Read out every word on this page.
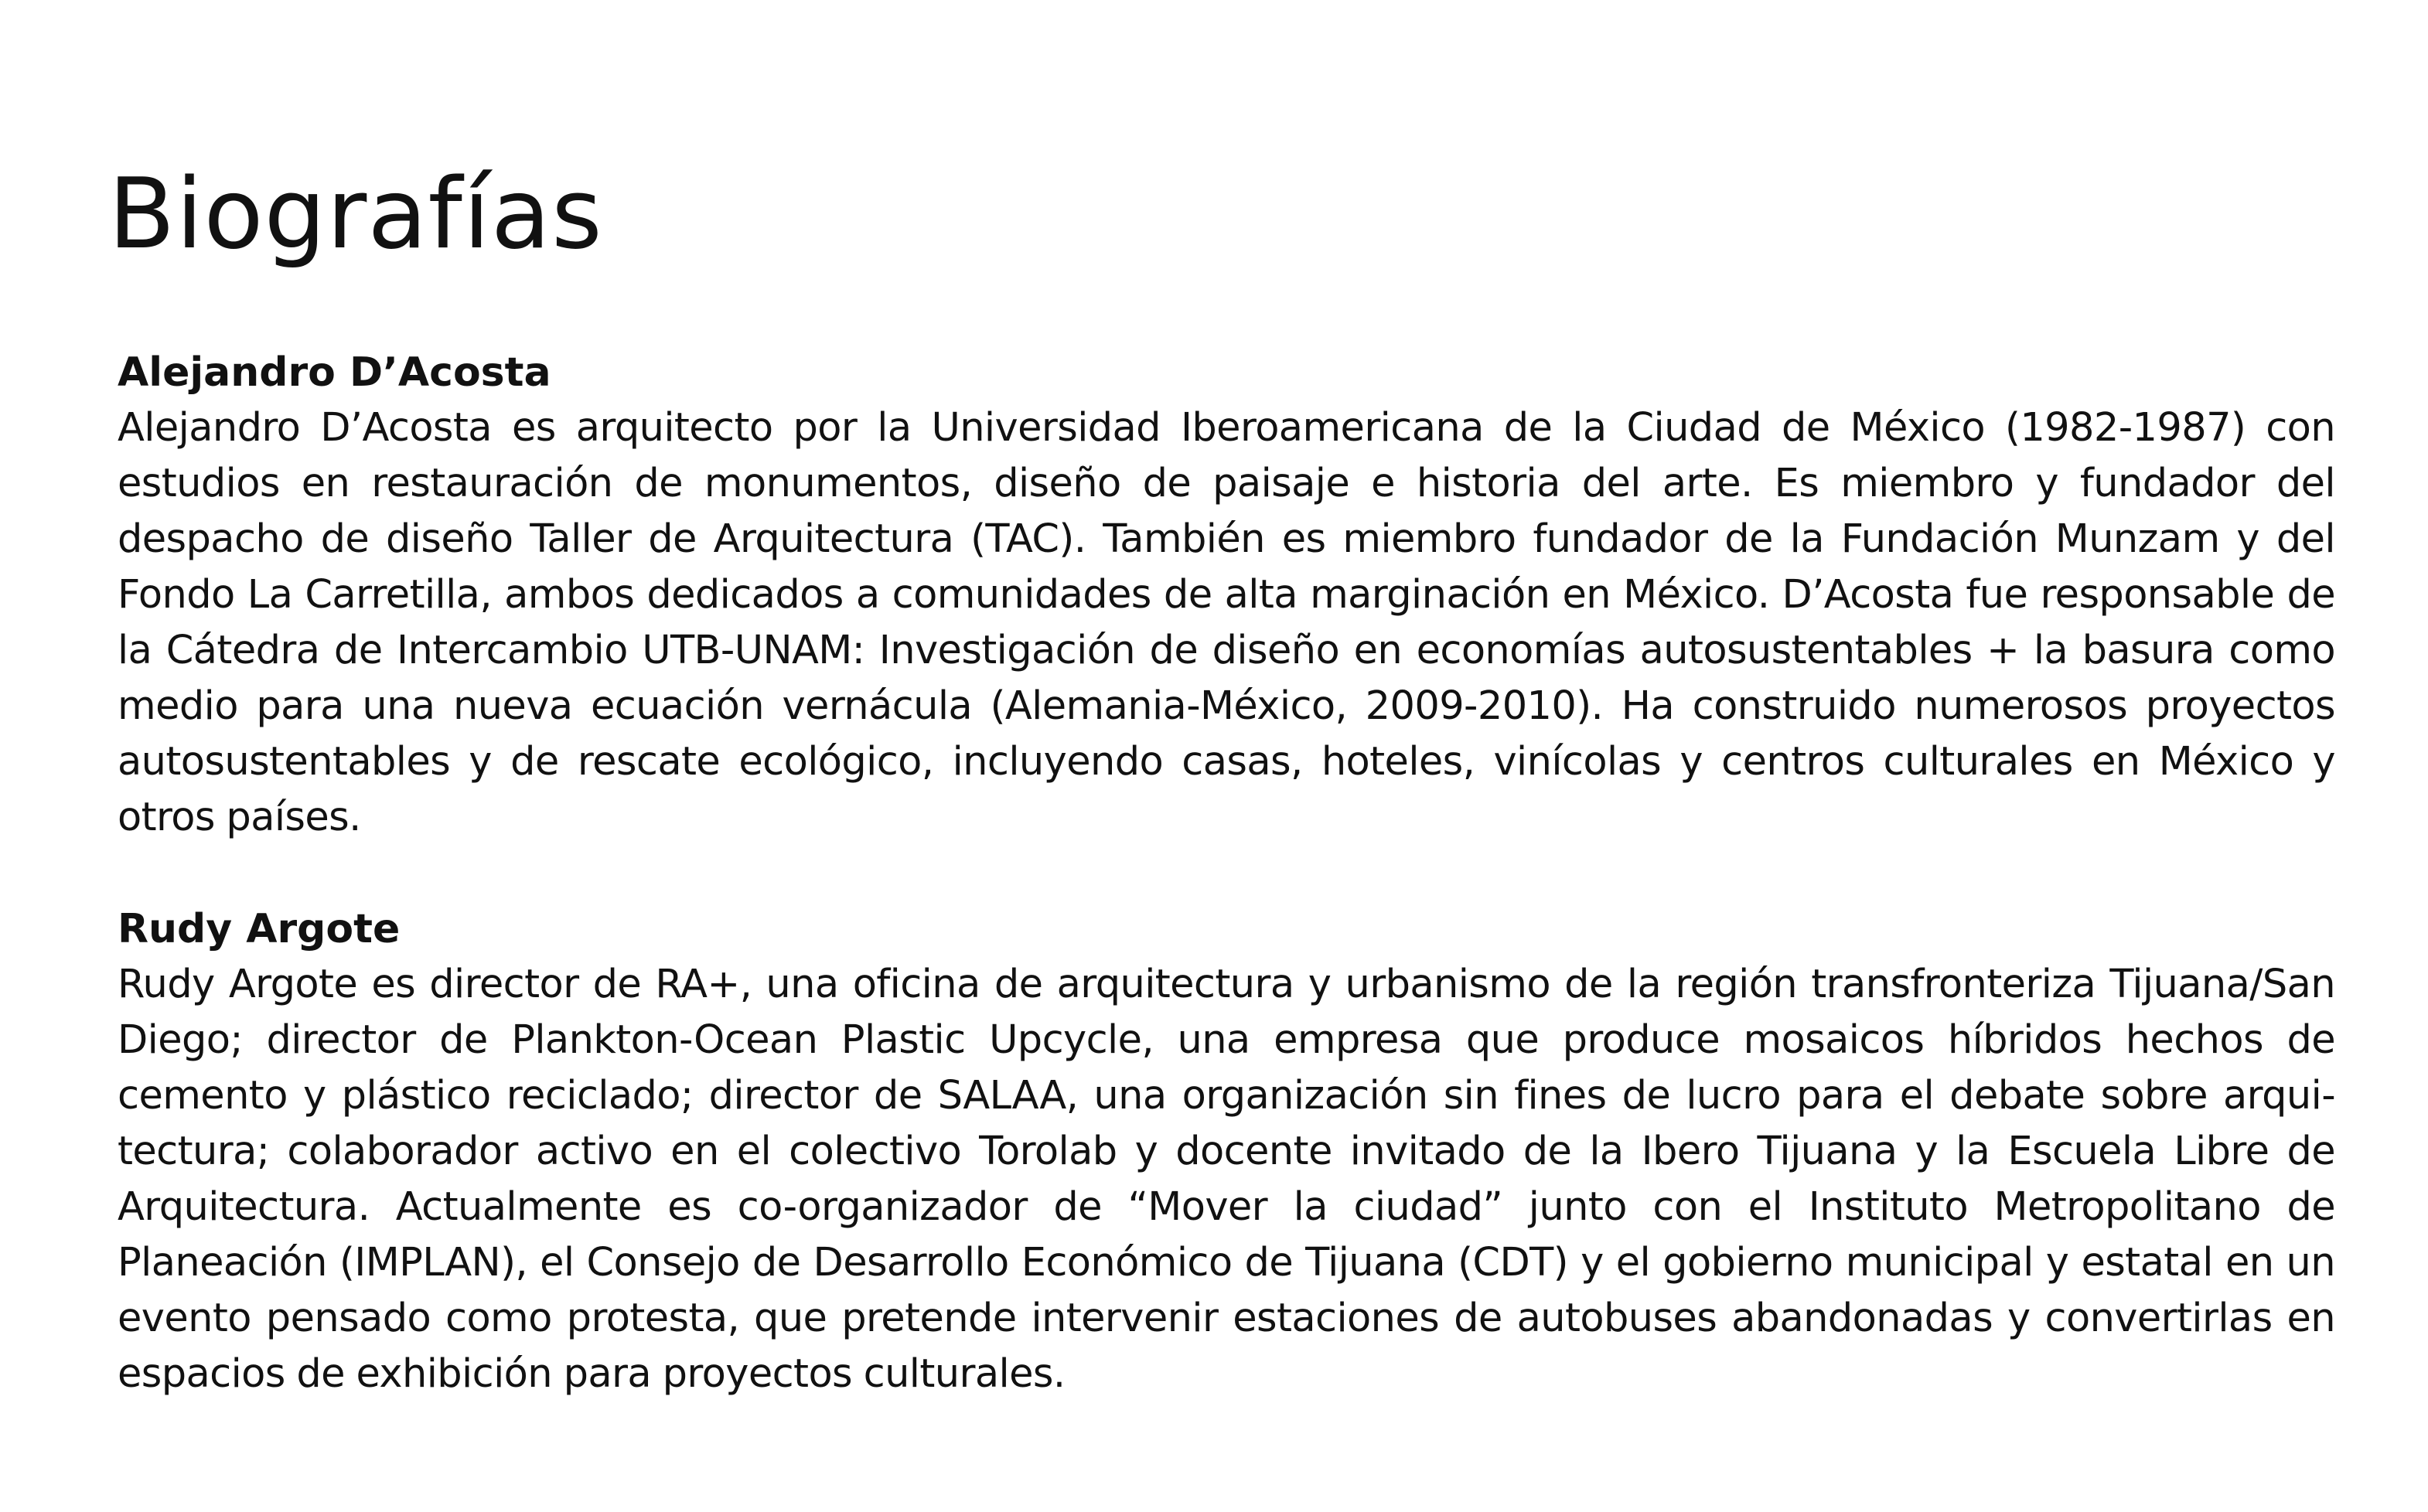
Biografías
Alejandro D’Acosta

Alejandro D’Acosta es arquitecto por la Universidad Iberoamericana de la Ciudad de México (1982-1987) con estudios en restauración de monumentos, diseño de paisaje e historia del arte. Es miembro y fundador del despacho de diseño Taller de Arquitectura (TAC). También es miembro fundador de la Fundación Munzam y del Fondo La Carretilla, ambos dedicados a comunidades de alta marginación en México. D’Acosta fue responsable de la Cátedra de Intercambio UTB-UNAM: Investigación de diseño en economías autosustentables + la basura como medio para una nueva ecuación vernácula (Alemania-México, 2009-2010). Ha construido numerosos proyectos autosustentables y de rescate ecológico, incluyendo casas, hoteles, vinícolas y centros culturales en México y otros países.

Rudy Argote

Rudy Argote es director de RA+, una oficina de arquitectura y urbanismo de la región transfronteriza Tijuana/San Diego; director de Plankton-Ocean Plastic Upcycle, una empresa que produce mosaicos híbridos hechos de cemento y plástico reciclado; director de SALAA, una organización sin fines de lucro para el debate sobre arqui- tectura; colaborador activo en el colectivo Torolab y docente invitado de la Ibero Tijuana y la Escuela Libre de Arquitectura. Actualmente es co-organizador de “Mover la ciudad” junto con el Instituto Metropolitano de Planeación (IMPLAN), el Consejo de Desarrollo Económico de Tijuana (CDT) y el gobierno municipal y estatal en un evento pensado como protesta, que pretende intervenir estaciones de autobuses abandonadas y convertirlas en espacios de exhibición para proyectos culturales.
